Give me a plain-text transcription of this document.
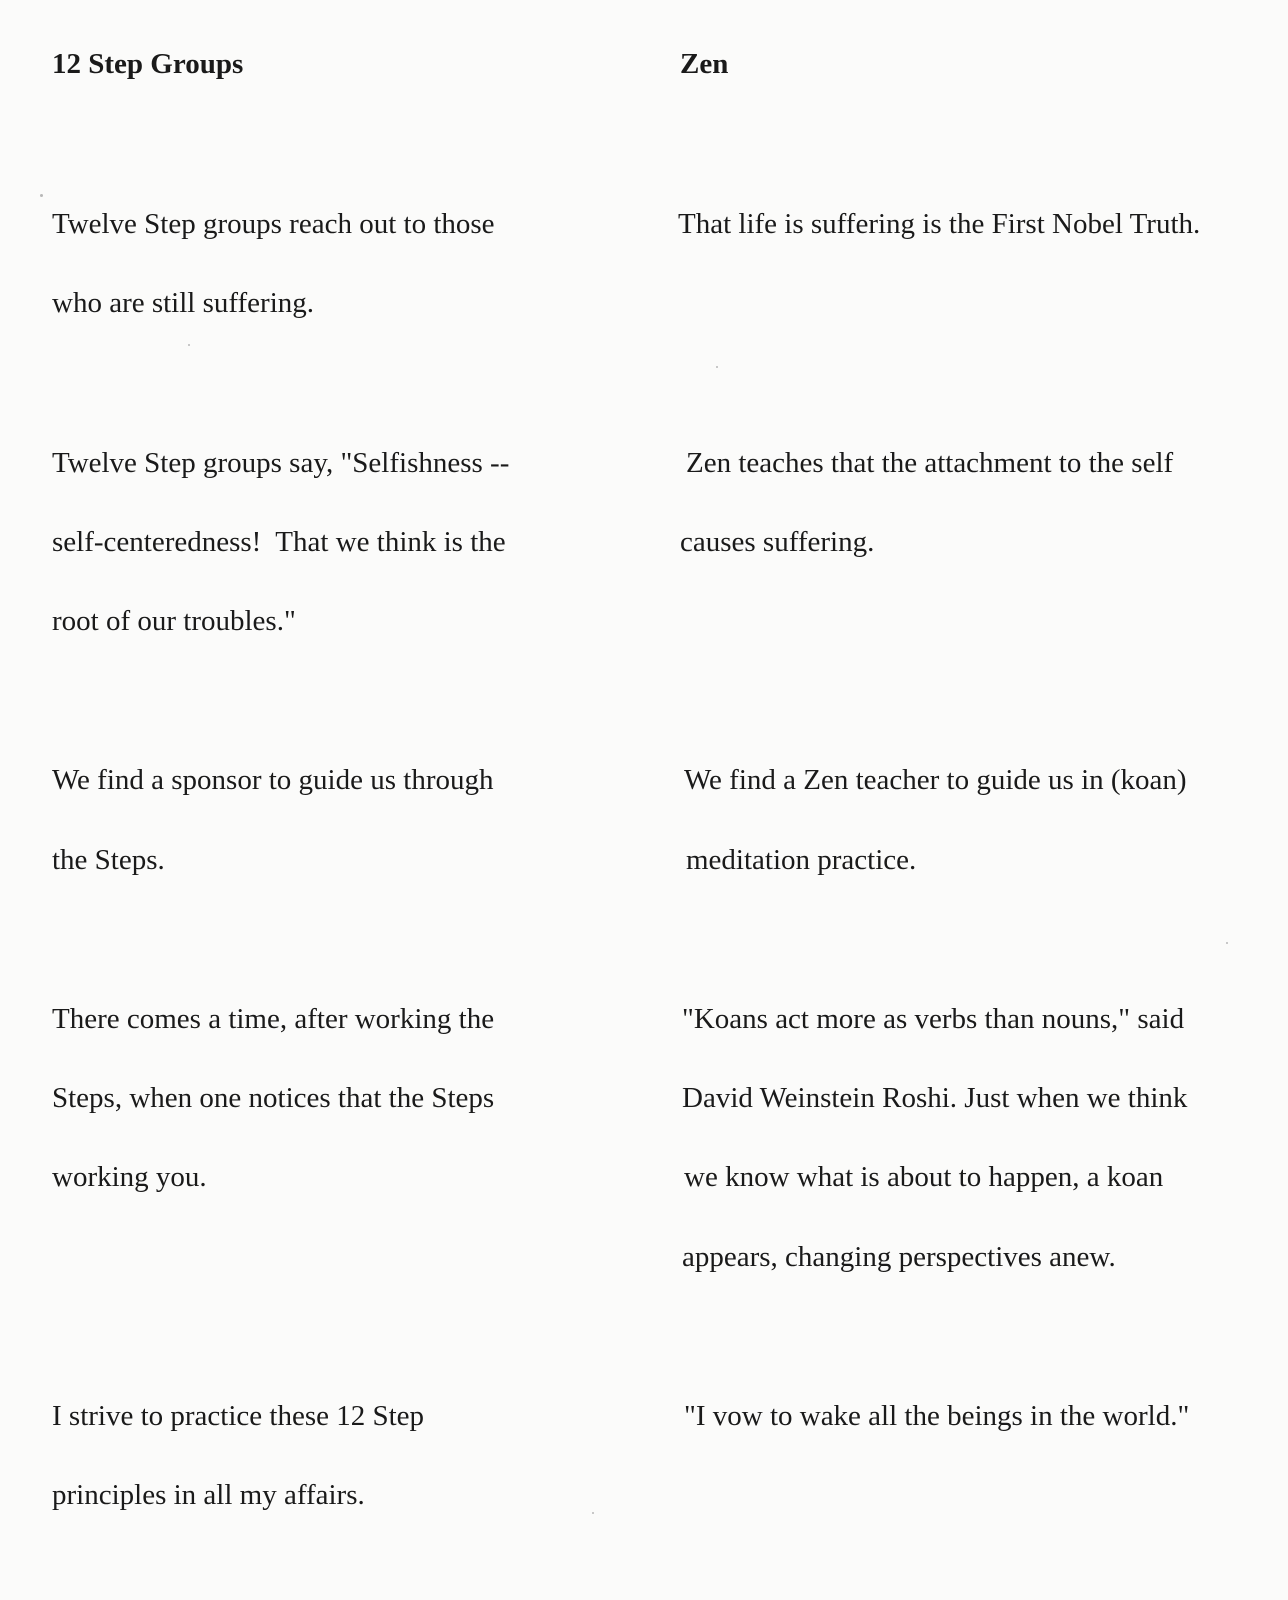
12 Step Groups	Zen
Twelve Step groups reach out to those
who are still suffering.
Twelve Step groups say, "Selfishness --
self-centeredness!  That we think is the
root of our troubles."
We find a sponsor to guide us through
the Steps.
There comes a time, after working the
Steps, when one notices that the Steps
working you.
I strive to practice these 12 Step
principles in all my affairs.
That life is suffering is the First Nobel Truth.
Zen teaches that the attachment to the self
causes suffering.
We find a Zen teacher to guide us in (koan)
meditation practice.
"Koans act more as verbs than nouns," said
David Weinstein Roshi. Just when we think
we know what is about to happen, a koan
appears, changing perspectives anew.
"I vow to wake all the beings in the world."
